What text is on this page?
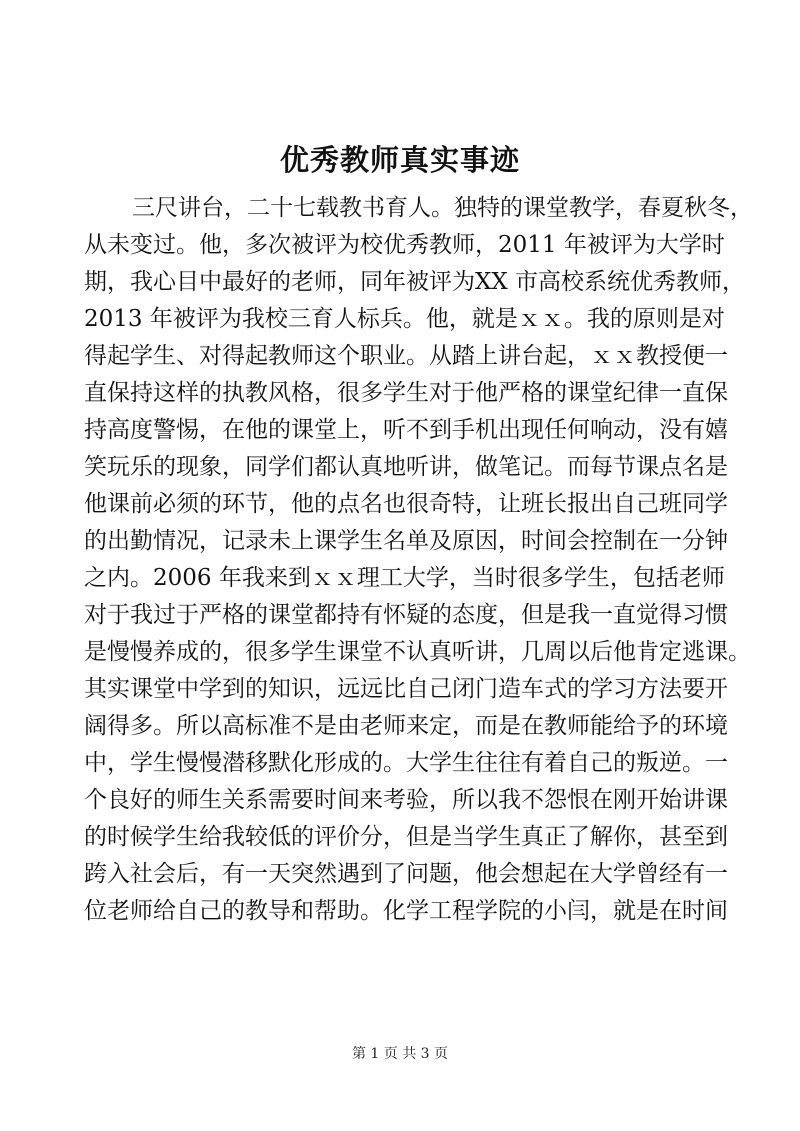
优秀教师真实事迹
三尺讲台，二十七载教书育人。独特的课堂教学，春夏秋冬，
从未变过。他，多次被评为校优秀教师，2011 年被评为大学时
期，我心目中最好的老师，同年被评为XX 市高校系统优秀教师，
2013 年被评为我校三育人标兵。他，就是ｘｘ。我的原则是对
得起学生、对得起教师这个职业。从踏上讲台起，ｘｘ教授便一
直保持这样的执教风格，很多学生对于他严格的课堂纪律一直保
持高度警惕，在他的课堂上，听不到手机出现任何响动，没有嬉
笑玩乐的现象，同学们都认真地听讲，做笔记。而每节课点名是
他课前必须的环节，他的点名也很奇特，让班长报出自己班同学
的出勤情况，记录未上课学生名单及原因，时间会控制在一分钟
之内。2006 年我来到ｘｘ理工大学，当时很多学生，包括老师
对于我过于严格的课堂都持有怀疑的态度，但是我一直觉得习惯
是慢慢养成的，很多学生课堂不认真听讲，几周以后他肯定逃课。
其实课堂中学到的知识，远远比自己闭门造车式的学习方法要开
阔得多。所以高标准不是由老师来定，而是在教师能给予的环境
中，学生慢慢潜移默化形成的。大学生往往有着自己的叛逆。一
个良好的师生关系需要时间来考验，所以我不怨恨在刚开始讲课
的时候学生给我较低的评价分，但是当学生真正了解你，甚至到
跨入社会后，有一天突然遇到了问题，他会想起在大学曾经有一
位老师给自己的教导和帮助。化学工程学院的小闫，就是在时间
第 1 页 共 3 页
